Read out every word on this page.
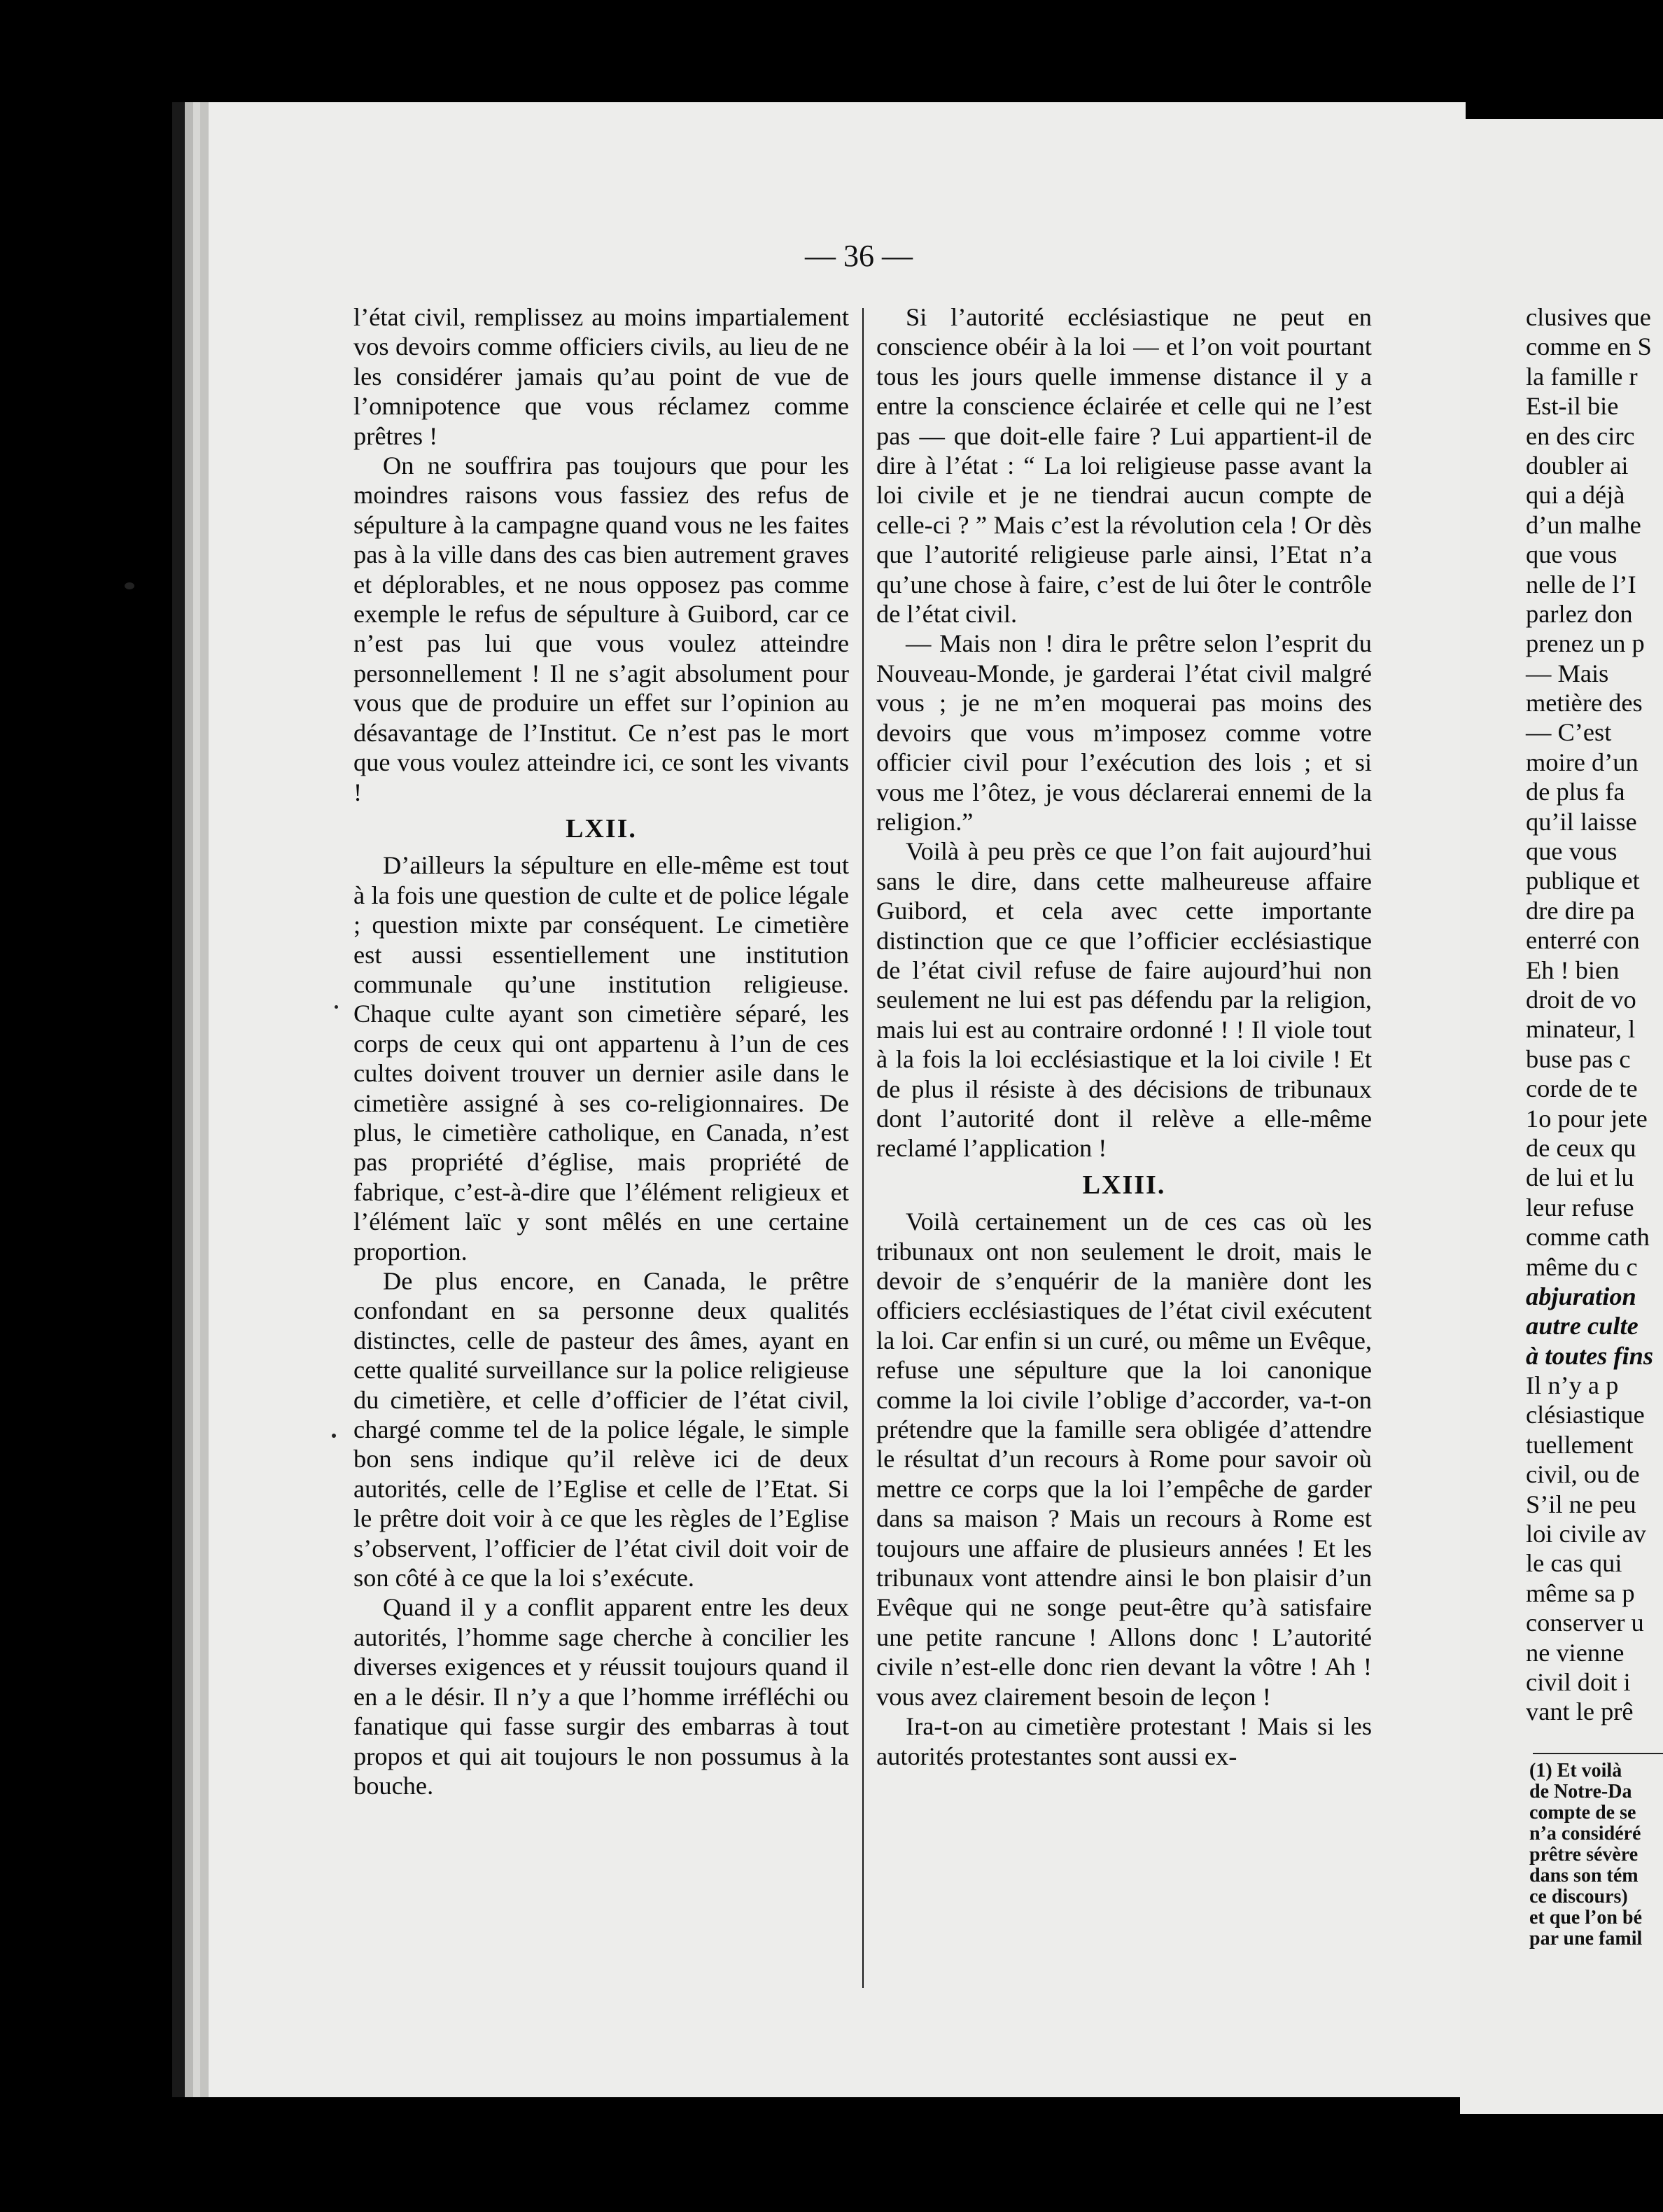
— 36 —

l’état civil, remplissez au moins impartialement vos devoirs comme officiers civils, au lieu de ne les considérer jamais qu’au point de vue de l’omnipotence que vous réclamez comme prêtres !

On ne souffrira pas toujours que pour les moindres raisons vous fassiez des refus de sépulture à la campagne quand vous ne les faites pas à la ville dans des cas bien autrement graves et déplorables, et ne nous opposez pas comme exemple le refus de sépulture à Guibord, car ce n’est pas lui que vous voulez atteindre personnellement ! Il ne s’agit absolument pour vous que de produire un effet sur l’opinion au désavantage de l’Institut. Ce n’est pas le mort que vous voulez atteindre ici, ce sont les vivants !

LXII.

D’ailleurs la sépulture en elle-même est tout à la fois une question de culte et de police légale ; question mixte par conséquent. Le cimetière est aussi essentiellement une institution communale qu’une institution religieuse. Chaque culte ayant son cimetière séparé, les corps de ceux qui ont appartenu à l’un de ces cultes doivent trouver un dernier asile dans le cimetière assigné à ses co-religionnaires. De plus, le cimetière catholique, en Canada, n’est pas propriété d’église, mais propriété de fabrique, c’est-à-dire que l’élément religieux et l’élément laïc y sont mêlés en une certaine proportion.

De plus encore, en Canada, le prêtre confondant en sa personne deux qualités distinctes, celle de pasteur des âmes, ayant en cette qualité surveillance sur la police religieuse du cimetière, et celle d’officier de l’état civil, chargé comme tel de la police légale, le simple bon sens indique qu’il relève ici de deux autorités, celle de l’Eglise et celle de l’Etat. Si le prêtre doit voir à ce que les règles de l’Eglise s’observent, l’officier de l’état civil doit voir de son côté à ce que la loi s’exécute.

Quand il y a conflit apparent entre les deux autorités, l’homme sage cherche à concilier les diverses exigences et y réussit toujours quand il en a le désir. Il n’y a que l’homme irréfléchi ou fanatique qui fasse surgir des embarras à tout propos et qui ait toujours le non possumus à la bouche.

Si l’autorité ecclésiastique ne peut en conscience obéir à la loi — et l’on voit pourtant tous les jours quelle immense distance il y a entre la conscience éclairée et celle qui ne l’est pas — que doit-elle faire ? Lui appartient-il de dire à l’état : “ La loi religieuse passe avant la loi civile et je ne tiendrai aucun compte de celle-ci ? ” Mais c’est la révolution cela ! Or dès que l’autorité religieuse parle ainsi, l’Etat n’a qu’une chose à faire, c’est de lui ôter le contrôle de l’état civil.

— Mais non ! dira le prêtre selon l’esprit du Nouveau-Monde, je garderai l’état civil malgré vous ; je ne m’en moquerai pas moins des devoirs que vous m’imposez comme votre officier civil pour l’exécution des lois ; et si vous me l’ôtez, je vous déclarerai ennemi de la religion.”

Voilà à peu près ce que l’on fait aujourd’hui sans le dire, dans cette malheureuse affaire Guibord, et cela avec cette importante distinction que ce que l’officier ecclésiastique de l’état civil refuse de faire aujourd’hui non seulement ne lui est pas défendu par la religion, mais lui est au contraire ordonné ! ! Il viole tout à la fois la loi ecclésiastique et la loi civile ! Et de plus il résiste à des décisions de tribunaux dont l’autorité dont il relève a elle-même reclamé l’application !

LXIII.

Voilà certainement un de ces cas où les tribunaux ont non seulement le droit, mais le devoir de s’enquérir de la manière dont les officiers ecclésiastiques de l’état civil exécutent la loi. Car enfin si un curé, ou même un Evêque, refuse une sépulture que la loi canonique comme la loi civile l’oblige d’accorder, va-t-on prétendre que la famille sera obligée d’attendre le résultat d’un recours à Rome pour savoir où mettre ce corps que la loi l’empêche de garder dans sa maison ? Mais un recours à Rome est toujours une affaire de plusieurs années ! Et les tribunaux vont attendre ainsi le bon plaisir d’un Evêque qui ne songe peut-être qu’à satisfaire une petite rancune ! Allons donc ! L’autorité civile n’est-elle donc rien devant la vôtre ! Ah ! vous avez clairement besoin de leçon !

Ira-t-on au cimetière protestant ! Mais si les autorités protestantes sont aussi ex-

clusives que
comme en S
la famille r
Est-il bie
en des circ
doubler ai
qui a déjà
d’un malhe
que vous
nelle de l’I
parlez don
prenez un p
— Mais
metière des
— C’est
moire d’un
de plus fa
qu’il laisse
que vous
publique et
dre dire pa
enterré con
Eh ! bien
droit de vo
minateur, l
buse pas c
corde de te
1o pour jete
de ceux qu
de lui et lu
leur refuse
comme cath
même du c
abjuration
autre culte
à toutes fins
Il n’y a p
clésiastique
tuellement
civil, ou de
S’il ne peu
loi civile av
le cas qui
même sa p
conserver u
ne vienne
civil doit i
vant le prê
(1) Et voilà
de Notre-Da
compte de se
n’a considéré
prêtre sévère
dans son tém
ce discours)
et que l’on bé
par une famil
